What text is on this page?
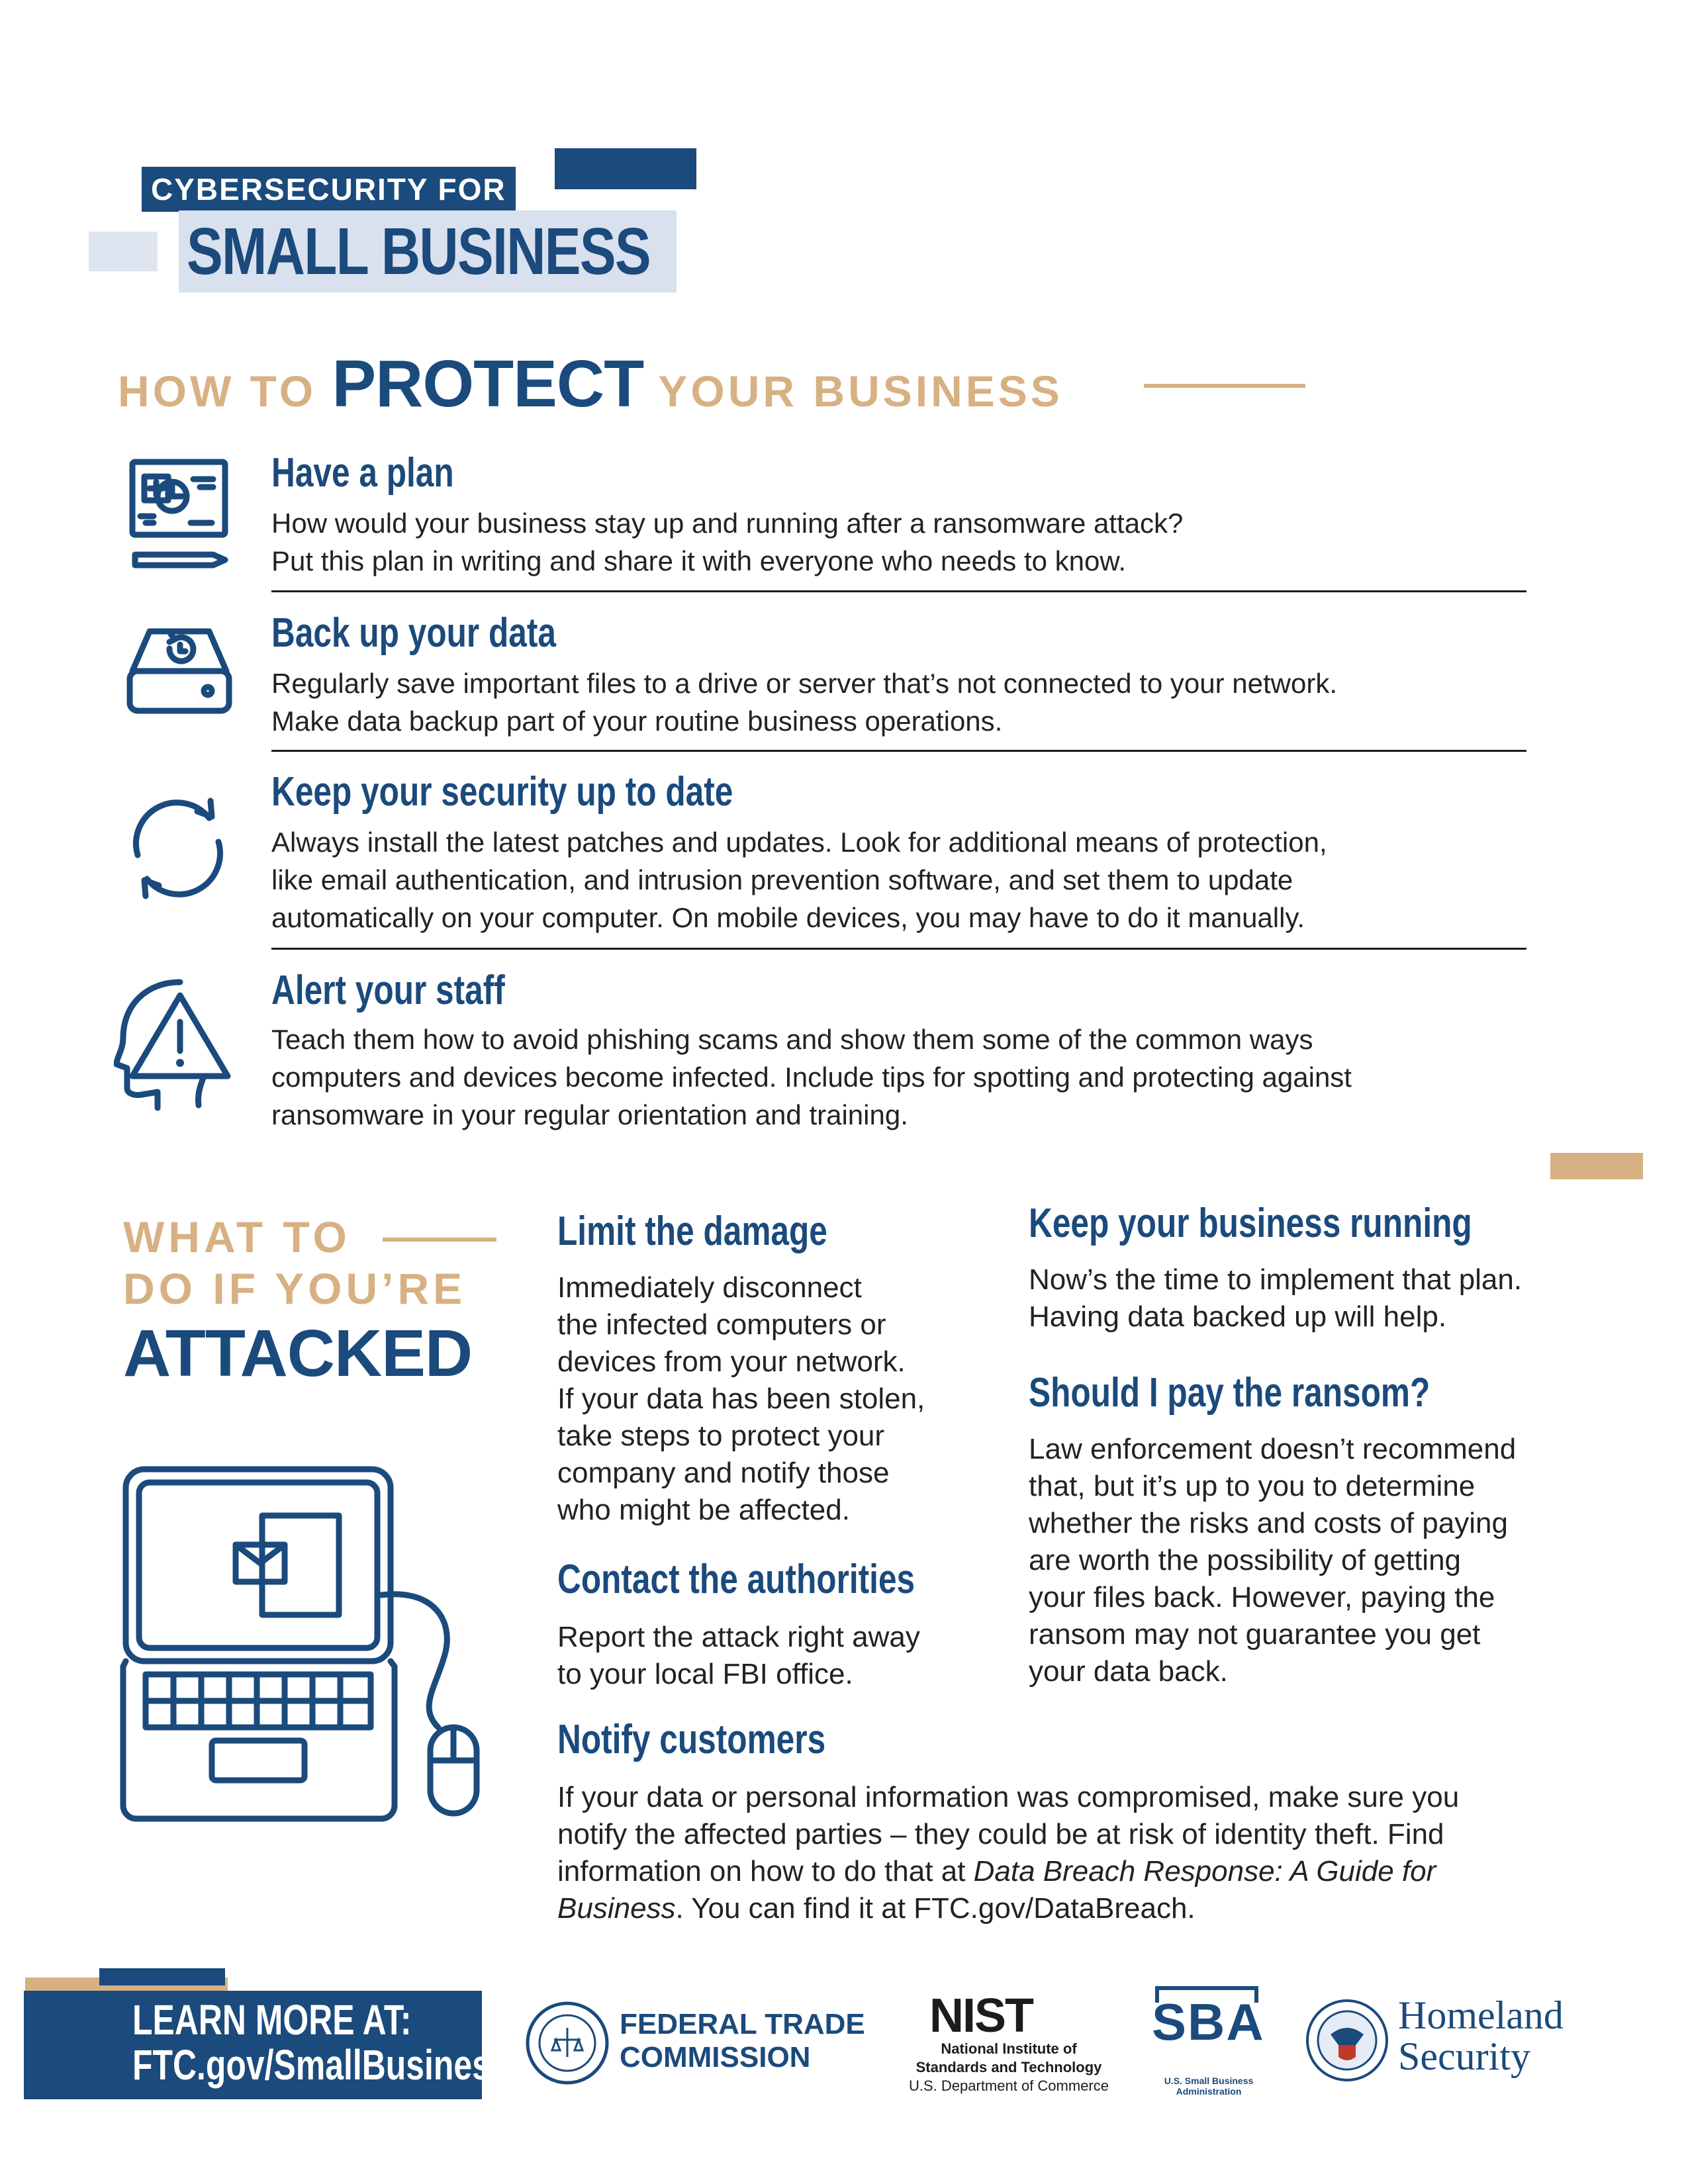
CYBERSECURITY FOR
SMALL BUSINESS
HOW TO PROTECT YOUR BUSINESS
Have a plan
How would your business stay up and running after a ransomware attack?
Put this plan in writing and share it with everyone who needs to know.
Back up your data
Regularly save important files to a drive or server that’s not connected to your network.
Make data backup part of your routine business operations.
Keep your security up to date
Always install the latest patches and updates. Look for additional means of protection,
like email authentication, and intrusion prevention software, and set them to update
automatically on your computer. On mobile devices, you may have to do it manually.
Alert your staff
Teach them how to avoid phishing scams and show them some of the common ways
computers and devices become infected. Include tips for spotting and protecting against
ransomware in your regular orientation and training.
WHAT TO
DO IF YOU’RE
ATTACKED
Limit the damage
Immediately disconnect
the infected computers or
devices from your network.
If your data has been stolen,
take steps to protect your
company and notify those
who might be affected.
Contact the authorities
Report the attack right away
to your local FBI office.
Keep your business running
Now’s the time to implement that plan.
Having data backed up will help.
Should I pay the ransom?
Law enforcement doesn’t recommend
that, but it’s up to you to determine
whether the risks and costs of paying
are worth the possibility of getting
your files back. However, paying the
ransom may not guarantee you get
your data back.
Notify customers
If your data or personal information was compromised, make sure you
notify the affected parties – they could be at risk of identity theft. Find
information on how to do that at Data Breach Response: A Guide for
Business. You can find it at FTC.gov/DataBreach.
LEARN MORE AT:
FTC.gov/SmallBusiness
FEDERAL TRADE
COMMISSION
NIST
National Institute of
Standards and Technology
U.S. Department of Commerce
SBA
U.S. Small Business
Administration
Homeland
Security
